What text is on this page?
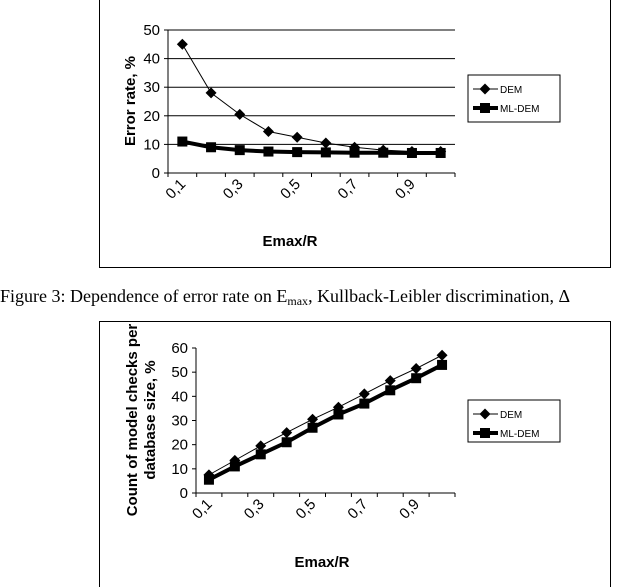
Figure 3: Dependence of error rate on $E_{max}$, Kullback-Leibler discrimination, Δ
0
10
20
30
40
50
0,1 0,3 0,5 0,7 0,9
Emax/R
Error rate, %	DEM
ML-DEM
0
10
20
30
40
50
60
0,1 0,3 0,5 0,7 0,9
Emax/R
Count of model checks perdatabase size, %	DEM
ML-DEM
